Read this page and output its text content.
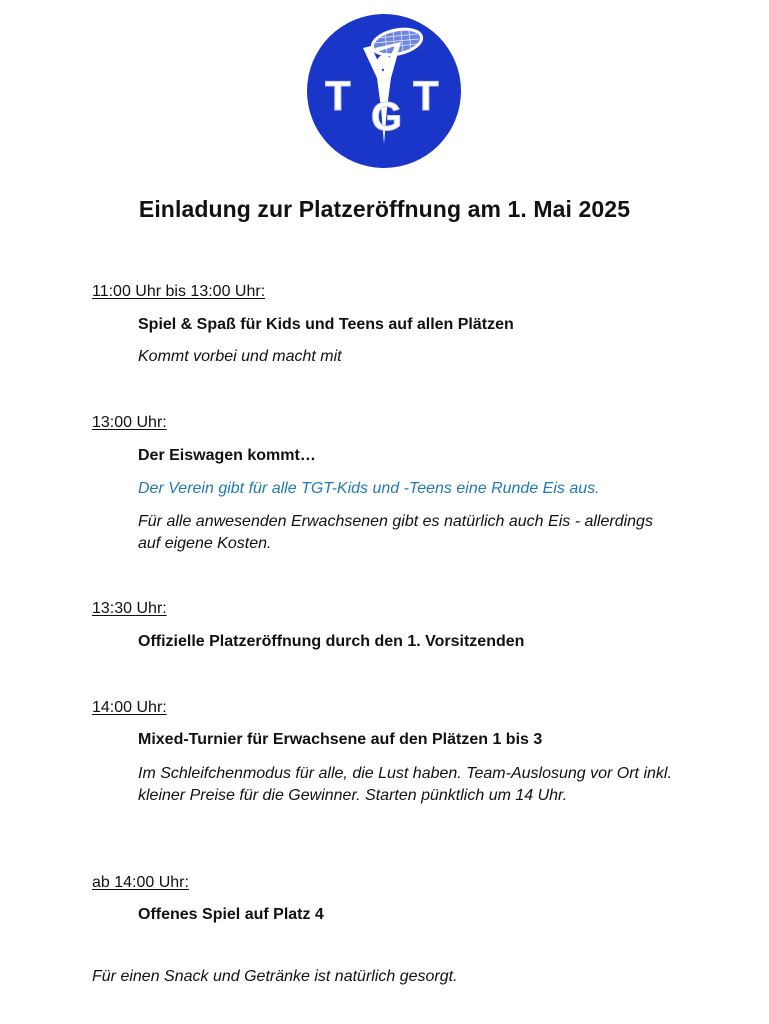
T G T
Einladung zur Platzeröffnung am 1. Mai 2025
11:00 Uhr bis 13:00 Uhr:
Spiel & Spaß für Kids und Teens auf allen Plätzen
Kommt vorbei und macht mit
13:00 Uhr:
Der Eiswagen kommt…
Der Verein gibt für alle TGT-Kids und -Teens eine Runde Eis aus.
Für alle anwesenden Erwachsenen gibt es natürlich auch Eis - allerdings auf eigene Kosten.
13:30 Uhr:
Offizielle Platzeröffnung durch den 1. Vorsitzenden
14:00 Uhr:
Mixed-Turnier für Erwachsene auf den Plätzen 1 bis 3
Im Schleifchenmodus für alle, die Lust haben. Team-Auslosung vor Ort inkl. kleiner Preise für die Gewinner. Starten pünktlich um 14 Uhr.
ab 14:00 Uhr:
Offenes Spiel auf Platz 4
Für einen Snack und Getränke ist natürlich gesorgt.
